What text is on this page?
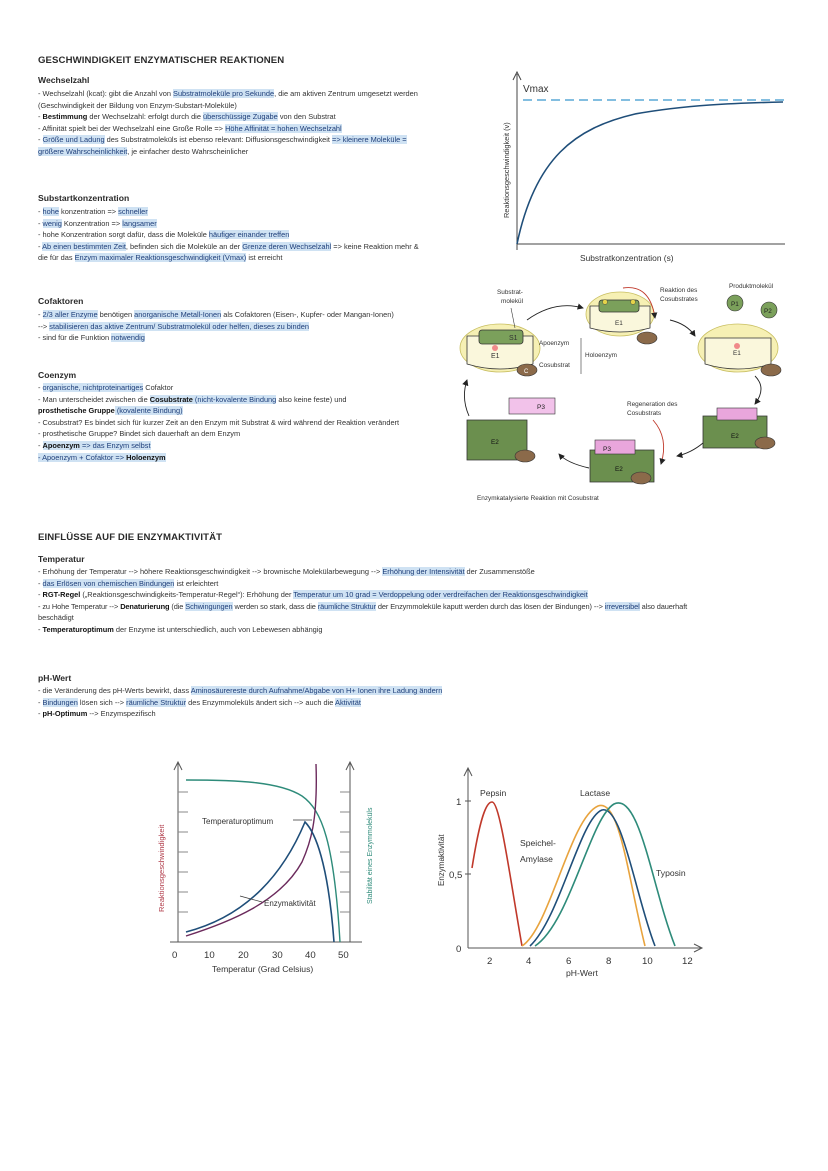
GESCHWINDIGKEIT ENZYMATISCHER REAKTIONEN
Wechselzahl
- Wechselzahl (kcat): gibt die Anzahl von Substratmoleküle pro Sekunde, die am aktiven Zentrum umgesetzt werden
(Geschwindigkeit der Bildung von Enzym-Substart-Moleküle)
- Bestimmung der Wechselzahl: erfolgt durch die überschüssige Zugabe von den Substrat
- Affinität spielt bei der Wechselzahl eine Große Rolle => Höhe Affinität = hohen Wechselzahl
- Größe und Ladung des Substratmoleküls ist ebenso relevant: Diffusionsgeschwindigkeit => kleinere Moleküle =
größere Wahrscheinlichkeit, je einfacher desto Wahrscheinlicher
Substartkonzentration
- hohe konzentration => schneller
- wenig Konzentration => langsamer
- hohe Konzentration sorgt dafür, dass die Moleküle häufiger einander treffen
- Ab einen bestimmten Zeit, befinden sich die Moleküle an der Grenze deren Wechselzahl => keine Reaktion mehr &
die für das Enzym maximaler Reaktionsgeschwindigkeit (Vmax) ist erreicht
Cofaktoren
- 2/3 aller Enzyme benötigen anorganische Metall-Ionen als Cofaktoren (Eisen-, Kupfer- oder Mangan-Ionen)
--> stabilisieren das aktive Zentrum/ Substratmolekül oder helfen, dieses zu binden
- sind für die Funktion notwendig
Coenzym
- organische, nichtproteinartiges Cofaktor
- Man unterscheidet zwischen die Cosubstrate (nicht-kovalente Bindung also keine feste) und
prosthetische Gruppe (kovalente Bindung)
- Cosubstrat? Es bindet sich für kurzer Zeit an den Enzym mit Substrat & wird während der Reaktion verändert
- prosthetische Gruppe? Bindet sich dauerhaft an dem Enzym
- Apoenzym => das Enzym selbst
- Apoenzym + Cofaktor => Holoenzym
Vmax
Reaktionsgeschwindigkeit (v)
Substratkonzentration (s)
S1
E1
C
Substrat-
molekül
Apoenzym
Cosubstrat
Holoenzym
E1
Reaktion des
Cosubstrates
Produktmolekül
E1
P1
P2
E2
Regeneration des
Cosubstrats
P3
E2
E2
P3
Enzymkatalysierte Reaktion mit Cosubstrat
EINFLÜSSE AUF DIE ENZYMAKTIVITÄT
Temperatur
- Erhöhung der Temperatur --> höhere Reaktionsgeschwindigkeit --> brownische Molekülarbewegung --> Erhöhung der Intensivität der Zusammenstöße
- das Erlösen von chemischen Bindungen ist erleichtert
- RGT-Regel („Reaktionsgeschwindigkeits-Temperatur-Regel“): Erhöhung der Temperatur um 10 grad = Verdoppelung oder verdreifachen der Reaktionsgeschwindigkeit
- zu Hohe Temperatur --> Denaturierung (die Schwingungen werden so stark, dass die räumliche Struktur der Enzymmoleküle kaputt werden durch das lösen der Bindungen) --> irreversibel also dauerhaft
beschädigt
- Temperaturoptimum der Enzyme ist unterschiedlich, auch von Lebewesen abhängig
pH-Wert
- die Veränderung des pH-Werts bewirkt, dass Aminosäurereste durch Aufnahme/Abgabe von H+ Ionen ihre Ladung ändern
- Bindungen lösen sich --> räumliche Struktur des Enzymmoleküls ändert sich --> auch die Aktivität
- pH-Optimum --> Enzymspezifisch
Temperaturoptimum
Enzymaktivität
Reaktionsgeschwindigkeit	Stabilität eines Enzymmoleküls
0	10 20 30 40 50
Temperatur (Grad Celsius)
Pepsin	Lactase
Speichel-
Amylase
Typosin
Enzymaktivität
0
0,5
1
2	4	6	8	10	12
pH-Wert
